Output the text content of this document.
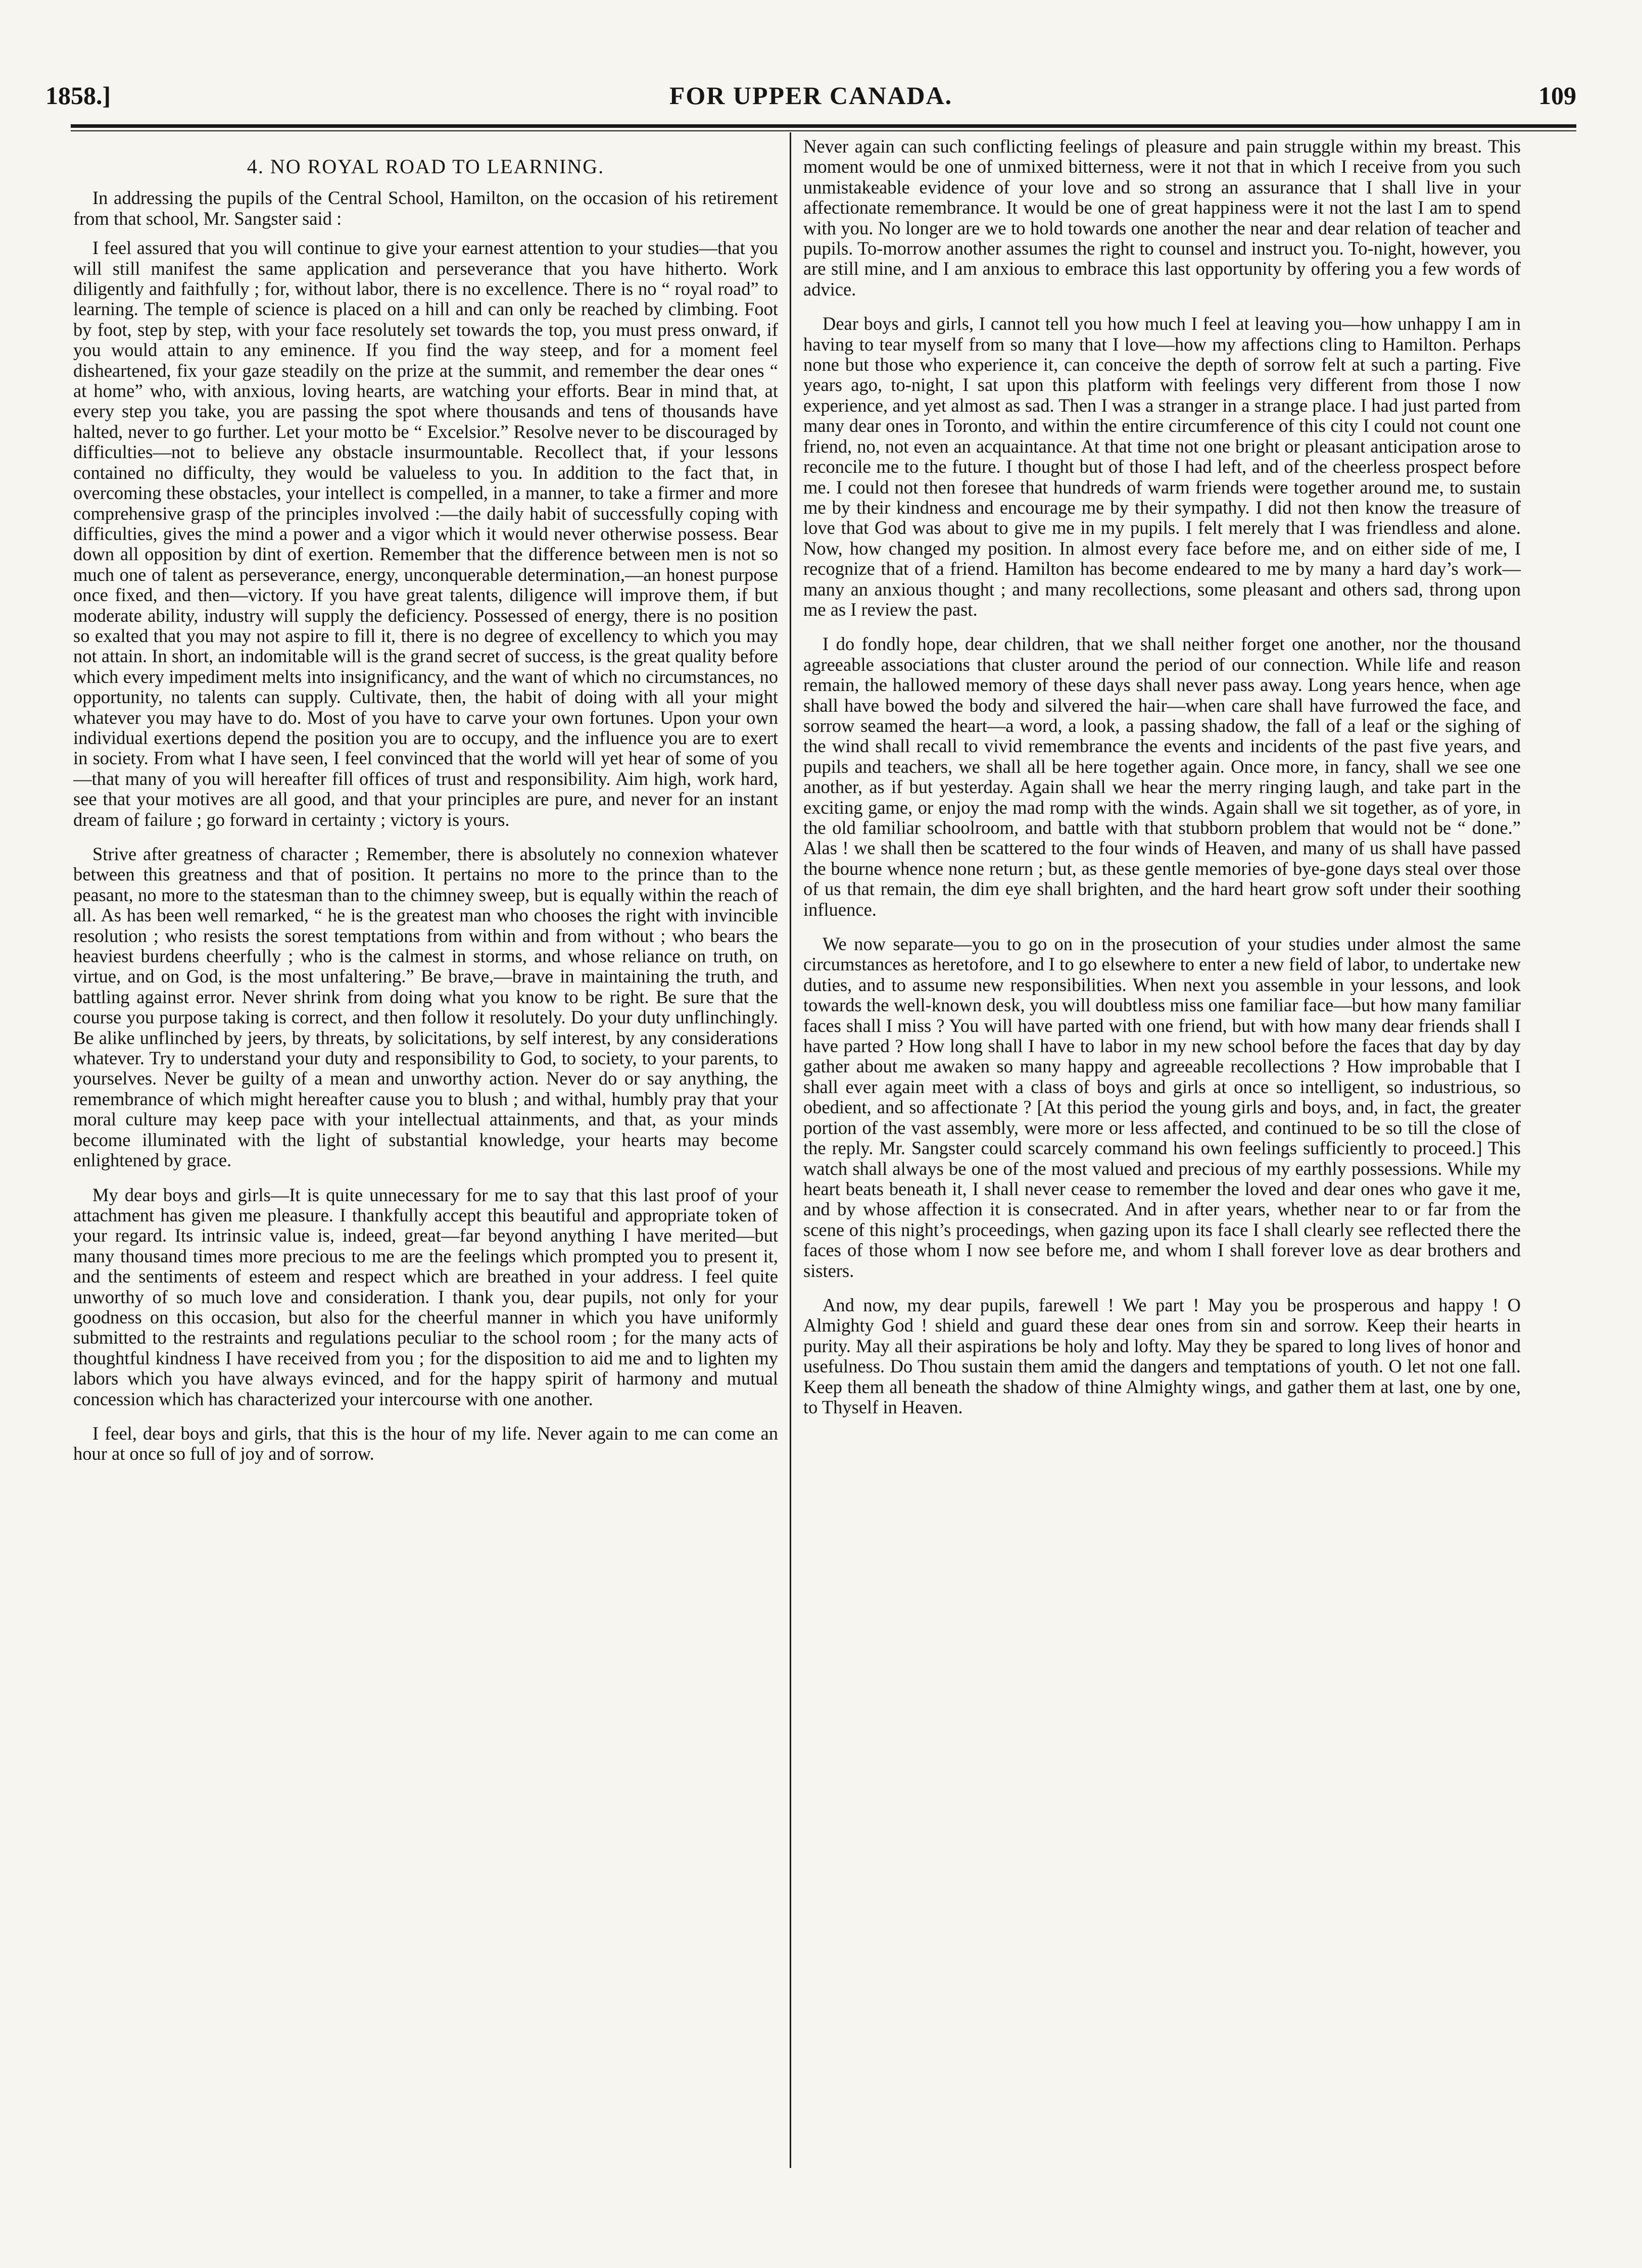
1858.]	FOR UPPER CANADA.	109
4. NO ROYAL ROAD TO LEARNING.

In addressing the pupils of the Central School, Hamilton, on the occasion of his retirement from that school, Mr. Sangster said :

I feel assured that you will continue to give your earnest attention to your studies—that you will still manifest the same application and perseverance that you have hitherto. Work diligently and faithfully ; for, without labor, there is no excellence. There is no “ royal road” to learning. The temple of science is placed on a hill and can only be reached by climbing. Foot by foot, step by step, with your face resolutely set towards the top, you must press onward, if you would attain to any eminence. If you find the way steep, and for a moment feel disheartened, fix your gaze steadily on the prize at the summit, and remember the dear ones “ at home” who, with anxious, loving hearts, are watching your efforts. Bear in mind that, at every step you take, you are passing the spot where thousands and tens of thousands have halted, never to go further. Let your motto be “ Excelsior.” Resolve never to be discouraged by difficulties—not to believe any obstacle insurmountable. Recollect that, if your lessons contained no difficulty, they would be valueless to you. In addition to the fact that, in overcoming these obstacles, your intellect is compelled, in a manner, to take a firmer and more comprehensive grasp of the principles involved :—the daily habit of successfully coping with difficulties, gives the mind a power and a vigor which it would never otherwise possess. Bear down all opposition by dint of exertion. Remember that the difference between men is not so much one of talent as perseverance, energy, unconquerable determination,—an honest purpose once fixed, and then—victory. If you have great talents, diligence will improve them, if but moderate ability, industry will supply the deficiency. Possessed of energy, there is no position so exalted that you may not aspire to fill it, there is no degree of excellency to which you may not attain. In short, an indomitable will is the grand secret of success, is the great quality before which every impediment melts into insignificancy, and the want of which no circumstances, no opportunity, no talents can supply. Cultivate, then, the habit of doing with all your might whatever you may have to do. Most of you have to carve your own fortunes. Upon your own individual exertions depend the position you are to occupy, and the influence you are to exert in society. From what I have seen, I feel convinced that the world will yet hear of some of you—that many of you will hereafter fill offices of trust and responsibility. Aim high, work hard, see that your motives are all good, and that your principles are pure, and never for an instant dream of failure ; go forward in certainty ; victory is yours.

Strive after greatness of character ; Remember, there is absolutely no connexion whatever between this greatness and that of position. It pertains no more to the prince than to the peasant, no more to the statesman than to the chimney sweep, but is equally within the reach of all. As has been well remarked, “ he is the greatest man who chooses the right with invincible resolution ; who resists the sorest temptations from within and from without ; who bears the heaviest burdens cheerfully ; who is the calmest in storms, and whose reliance on truth, on virtue, and on God, is the most unfaltering.” Be brave,—brave in maintaining the truth, and battling against error. Never shrink from doing what you know to be right. Be sure that the course you purpose taking is correct, and then follow it resolutely. Do your duty unflinchingly. Be alike unflinched by jeers, by threats, by solicitations, by self interest, by any considerations whatever. Try to understand your duty and responsibility to God, to society, to your parents, to yourselves. Never be guilty of a mean and unworthy action. Never do or say anything, the remembrance of which might hereafter cause you to blush ; and withal, humbly pray that your moral culture may keep pace with your intellectual attainments, and that, as your minds become illuminated with the light of substantial knowledge, your hearts may become enlightened by grace.

My dear boys and girls—It is quite unnecessary for me to say that this last proof of your attachment has given me pleasure. I thankfully accept this beautiful and appropriate token of your regard. Its intrinsic value is, indeed, great—far beyond anything I have merited—but many thousand times more precious to me are the feelings which prompted you to present it, and the sentiments of esteem and respect which are breathed in your address. I feel quite unworthy of so much love and consideration. I thank you, dear pupils, not only for your goodness on this occasion, but also for the cheerful manner in which you have uniformly submitted to the restraints and regulations peculiar to the school room ; for the many acts of thoughtful kindness I have received from you ; for the disposition to aid me and to lighten my labors which you have always evinced, and for the happy spirit of harmony and mutual concession which has characterized your intercourse with one another.

I feel, dear boys and girls, that this is the hour of my life. Never again to me can come an hour at once so full of joy and of sorrow.

Never again can such conflicting feelings of pleasure and pain struggle within my breast. This moment would be one of unmixed bitterness, were it not that in which I receive from you such unmistakeable evidence of your love and so strong an assurance that I shall live in your affectionate remembrance. It would be one of great happiness were it not the last I am to spend with you. No longer are we to hold towards one another the near and dear relation of teacher and pupils. To-morrow another assumes the right to counsel and instruct you. To-night, however, you are still mine, and I am anxious to embrace this last opportunity by offering you a few words of advice.

Dear boys and girls, I cannot tell you how much I feel at leaving you—how unhappy I am in having to tear myself from so many that I love—how my affections cling to Hamilton. Perhaps none but those who experience it, can conceive the depth of sorrow felt at such a parting. Five years ago, to-night, I sat upon this platform with feelings very different from those I now experience, and yet almost as sad. Then I was a stranger in a strange place. I had just parted from many dear ones in Toronto, and within the entire circumference of this city I could not count one friend, no, not even an acquaintance. At that time not one bright or pleasant anticipation arose to reconcile me to the future. I thought but of those I had left, and of the cheerless prospect before me. I could not then foresee that hundreds of warm friends were together around me, to sustain me by their kindness and encourage me by their sympathy. I did not then know the treasure of love that God was about to give me in my pupils. I felt merely that I was friendless and alone. Now, how changed my position. In almost every face before me, and on either side of me, I recognize that of a friend. Hamilton has become endeared to me by many a hard day’s work—many an anxious thought ; and many recollections, some pleasant and others sad, throng upon me as I review the past.

I do fondly hope, dear children, that we shall neither forget one another, nor the thousand agreeable associations that cluster around the period of our connection. While life and reason remain, the hallowed memory of these days shall never pass away. Long years hence, when age shall have bowed the body and silvered the hair—when care shall have furrowed the face, and sorrow seamed the heart—a word, a look, a passing shadow, the fall of a leaf or the sighing of the wind shall recall to vivid remembrance the events and incidents of the past five years, and pupils and teachers, we shall all be here together again. Once more, in fancy, shall we see one another, as if but yesterday. Again shall we hear the merry ringing laugh, and take part in the exciting game, or enjoy the mad romp with the winds. Again shall we sit together, as of yore, in the old familiar schoolroom, and battle with that stubborn problem that would not be “ done.” Alas ! we shall then be scattered to the four winds of Heaven, and many of us shall have passed the bourne whence none return ; but, as these gentle memories of bye-gone days steal over those of us that remain, the dim eye shall brighten, and the hard heart grow soft under their soothing influence.

We now separate—you to go on in the prosecution of your studies under almost the same circumstances as heretofore, and I to go elsewhere to enter a new field of labor, to undertake new duties, and to assume new responsibilities. When next you assemble in your lessons, and look towards the well-known desk, you will doubtless miss one familiar face—but how many familiar faces shall I miss ? You will have parted with one friend, but with how many dear friends shall I have parted ? How long shall I have to labor in my new school before the faces that day by day gather about me awaken so many happy and agreeable recollections ? How improbable that I shall ever again meet with a class of boys and girls at once so intelligent, so industrious, so obedient, and so affectionate ? [At this period the young girls and boys, and, in fact, the greater portion of the vast assembly, were more or less affected, and continued to be so till the close of the reply. Mr. Sangster could scarcely command his own feelings sufficiently to proceed.] This watch shall always be one of the most valued and precious of my earthly possessions. While my heart beats beneath it, I shall never cease to remember the loved and dear ones who gave it me, and by whose affection it is consecrated. And in after years, whether near to or far from the scene of this night’s proceedings, when gazing upon its face I shall clearly see reflected there the faces of those whom I now see before me, and whom I shall forever love as dear brothers and sisters.

And now, my dear pupils, farewell ! We part ! May you be prosperous and happy ! O Almighty God ! shield and guard these dear ones from sin and sorrow. Keep their hearts in purity. May all their aspirations be holy and lofty. May they be spared to long lives of honor and usefulness. Do Thou sustain them amid the dangers and temptations of youth. O let not one fall. Keep them all beneath the shadow of thine Almighty wings, and gather them at last, one by one, to Thyself in Heaven.
